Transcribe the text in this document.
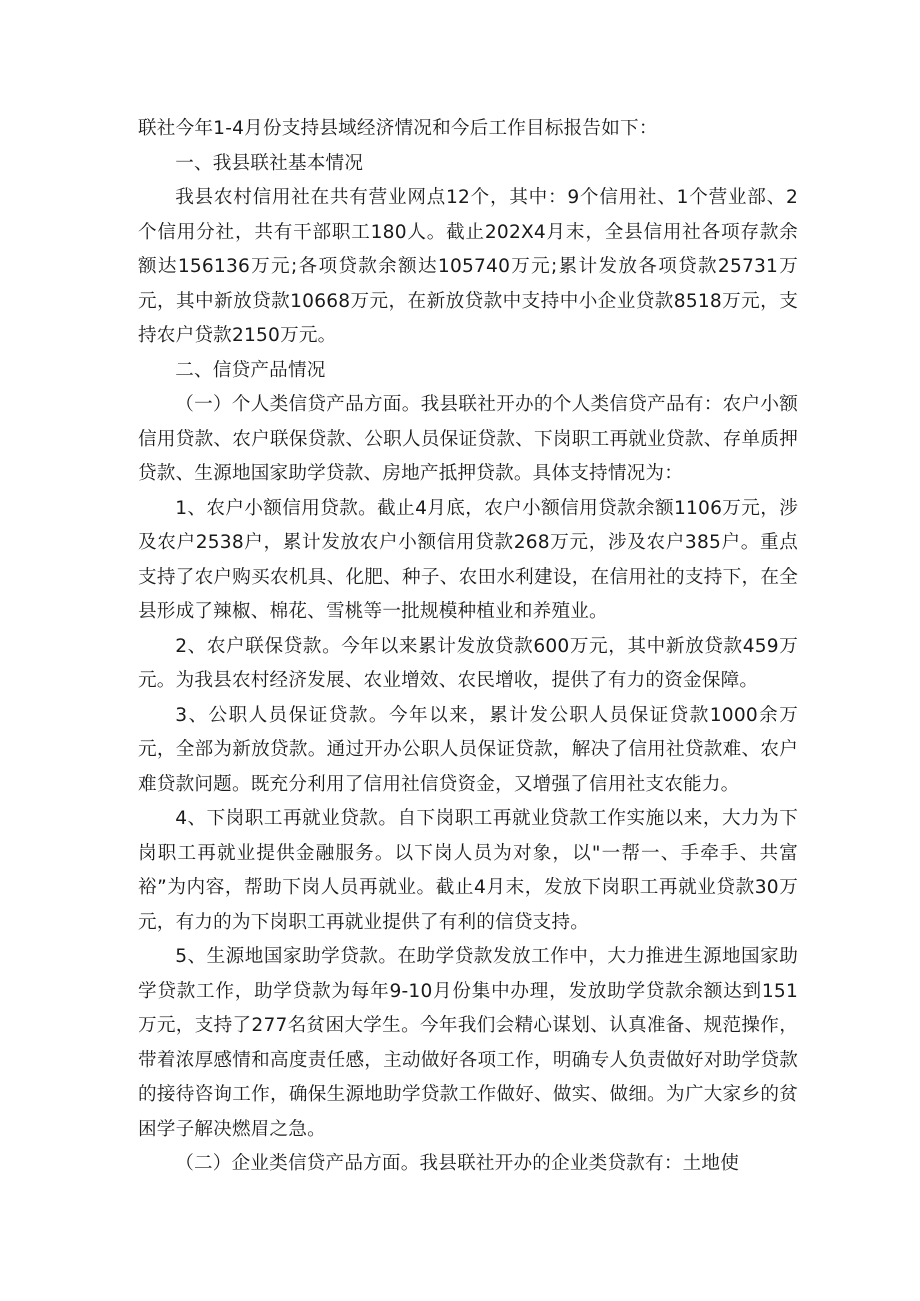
联社今年1-4月份支持县域经济情况和今后工作目标报告如下：

一、我县联社基本情况

我县农村信用社在共有营业网点12个，其中：9个信用社、1个营业部、2个信用分社，共有干部职工180人。截止202X4月末，全县信用社各项存款余额达156136万元;各项贷款余额达105740万元;累计发放各项贷款25731万元，其中新放贷款10668万元，在新放贷款中支持中小企业贷款8518万元，支持农户贷款2150万元。

二、信贷产品情况

（一）个人类信贷产品方面。我县联社开办的个人类信贷产品有：农户小额信用贷款、农户联保贷款、公职人员保证贷款、下岗职工再就业贷款、存单质押贷款、生源地国家助学贷款、房地产抵押贷款。具体支持情况为：

1、农户小额信用贷款。截止4月底，农户小额信用贷款余额1106万元，涉及农户2538户，累计发放农户小额信用贷款268万元，涉及农户385户。重点支持了农户购买农机具、化肥、种子、农田水利建设，在信用社的支持下，在全县形成了辣椒、棉花、雪桃等一批规模种植业和养殖业。

2、农户联保贷款。今年以来累计发放贷款600万元，其中新放贷款459万元。为我县农村经济发展、农业增效、农民增收，提供了有力的资金保障。

3、公职人员保证贷款。今年以来，累计发公职人员保证贷款1000余万元，全部为新放贷款。通过开办公职人员保证贷款，解决了信用社贷款难、农户难贷款问题。既充分利用了信用社信贷资金，又增强了信用社支农能力。

4、下岗职工再就业贷款。自下岗职工再就业贷款工作实施以来，大力为下岗职工再就业提供金融服务。以下岗人员为对象，以"一帮一、手牵手、共富裕”为内容，帮助下岗人员再就业。截止4月末，发放下岗职工再就业贷款30万元，有力的为下岗职工再就业提供了有利的信贷支持。

5、生源地国家助学贷款。在助学贷款发放工作中，大力推进生源地国家助学贷款工作，助学贷款为每年9-10月份集中办理，发放助学贷款余额达到151万元，支持了277名贫困大学生。今年我们会精心谋划、认真准备、规范操作，带着浓厚感情和高度责任感，主动做好各项工作，明确专人负责做好对助学贷款的接待咨询工作，确保生源地助学贷款工作做好、做实、做细。为广大家乡的贫困学子解决燃眉之急。

（二）企业类信贷产品方面。我县联社开办的企业类贷款有：土地使
